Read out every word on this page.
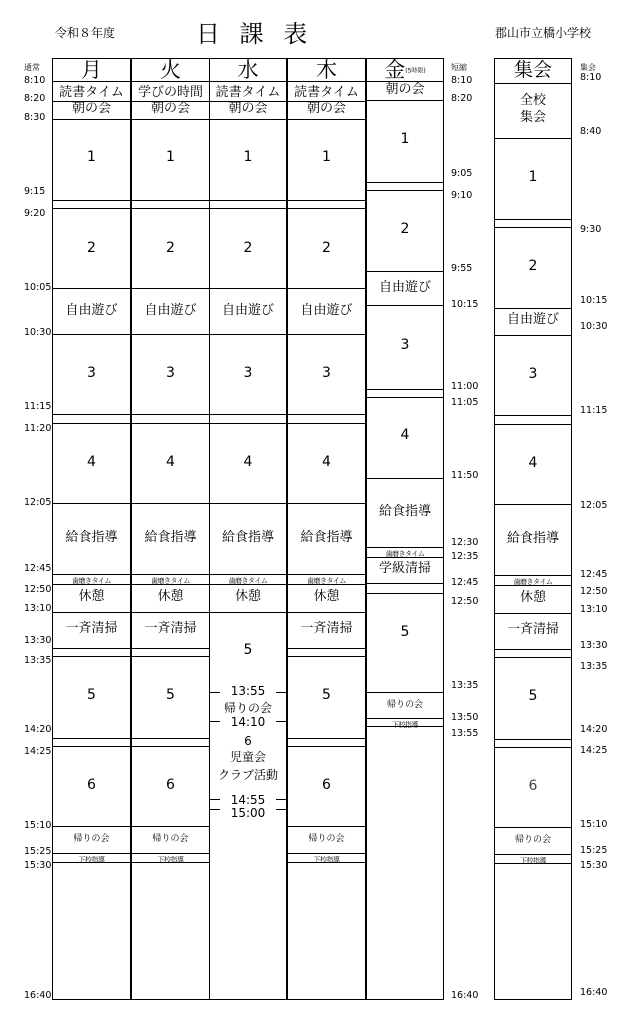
令和８年度	日 課 表	郡山市立橋小学校
通常
8:10
8:20
8:30
9:15
9:20
10:05
10:30
11:15
11:20
12:05
12:45
12:50
13:10
13:30
13:35
14:20
14:25
15:10
15:25
15:30
16:40
短縮
8:10
8:20
9:05
9:10
9:55
10:15
11:00
11:05
11:50
12:30
12:35
12:45
12:50
13:35
13:50
13:55
16:40
集会
8:10
8:40
9:30
10:15
10:30
11:15
12:05
12:45
12:50
13:10
13:30
13:35
14:20
14:25
15:10
15:25
15:30
16:40
月
読書タイム
朝の会
1
2
自由遊び
3
4
給食指導
歯磨きタイム
休憩
一斉清掃
5
6
帰りの会
下校指導
火
学びの時間
朝の会
1
2
自由遊び
3
4
給食指導
歯磨きタイム
休憩
一斉清掃
5
6
帰りの会
下校指導
木
読書タイム
朝の会
1
2
自由遊び
3
4
給食指導
歯磨きタイム
休憩
一斉清掃
5
6
帰りの会
下校指導
水
読書タイム
朝の会
1
2
自由遊び
3
4
給食指導
歯磨きタイム
休憩
5
13:55
帰りの会
14:10
6
児童会
クラブ活動
14:55
15:00
金(5時限)
朝の会
1
2
自由遊び
3
4
給食指導
歯磨きタイム
学級清掃
5
帰りの会
下校指導
集会
全校
集会
1
2
自由遊び
3
4
給食指導
歯磨きタイム
休憩
一斉清掃
5
6
帰りの会
下校指導
